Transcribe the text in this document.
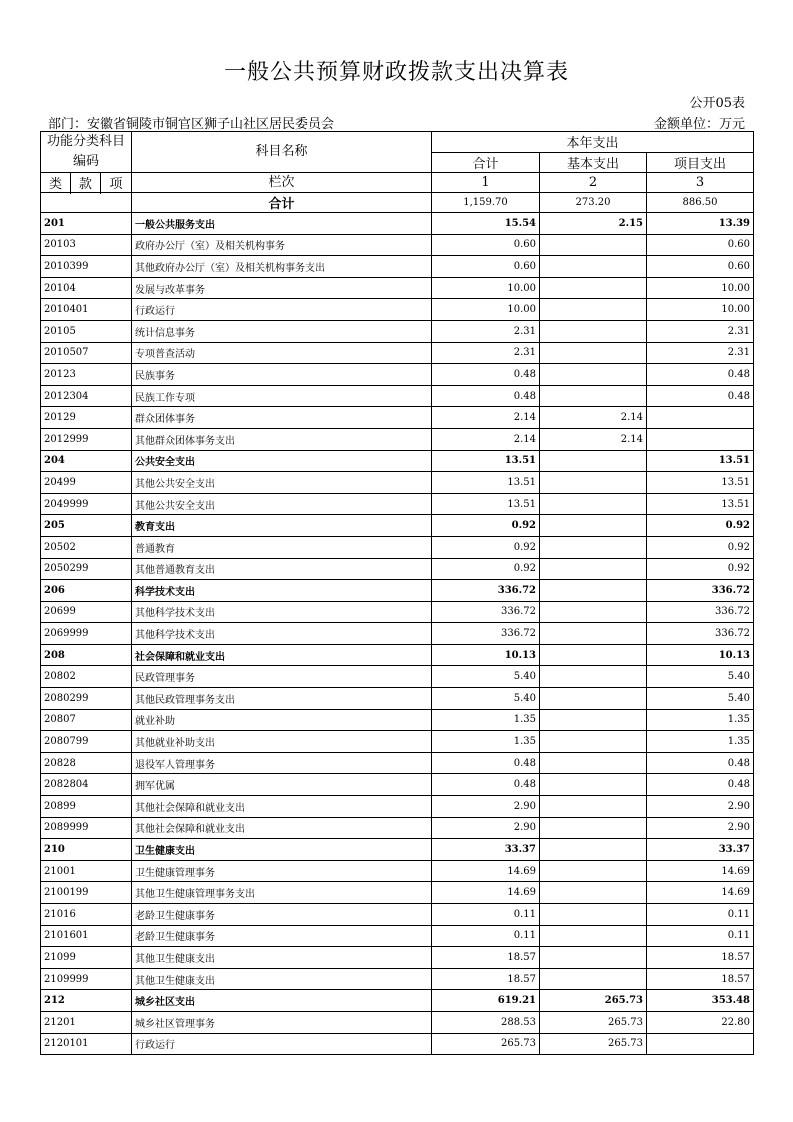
一般公共预算财政拨款支出决算表
公开05表
部门：安徽省铜陵市铜官区狮子山社区居民委员会	金额单位：万元
功能分类科目编码			科目名称
栏次	本年支出		
				合计	基本支出	项目支出
类	款	项		1	2	3

			合计	1,159.70	273.20	886.50
201			一般公共服务支出	15.54	2.15	13.39
20103			政府办公厅（室）及相关机构事务	0.60		0.60
2010399			其他政府办公厅（室）及相关机构事务支出	0.60		0.60
20104			发展与改革事务	10.00		10.00
2010401			行政运行	10.00		10.00
20105			统计信息事务	2.31		2.31
2010507			专项普查活动	2.31		2.31
20123			民族事务	0.48		0.48
2012304			民族工作专项	0.48		0.48
20129			群众团体事务	2.14	2.14	
2012999			其他群众团体事务支出	2.14	2.14	
204			公共安全支出	13.51		13.51
20499			其他公共安全支出	13.51		13.51
2049999			其他公共安全支出	13.51		13.51
205			教育支出	0.92		0.92
20502			普通教育	0.92		0.92
2050299			其他普通教育支出	0.92		0.92
206			科学技术支出	336.72		336.72
20699			其他科学技术支出	336.72		336.72
2069999			其他科学技术支出	336.72		336.72
208			社会保障和就业支出	10.13		10.13
20802			民政管理事务	5.40		5.40
2080299			其他民政管理事务支出	5.40		5.40
20807			就业补助	1.35		1.35
2080799			其他就业补助支出	1.35		1.35
20828			退役军人管理事务	0.48		0.48
2082804			拥军优属	0.48		0.48
20899			其他社会保障和就业支出	2.90		2.90
2089999			其他社会保障和就业支出	2.90		2.90
210			卫生健康支出	33.37		33.37
21001			卫生健康管理事务	14.69		14.69
2100199			其他卫生健康管理事务支出	14.69		14.69
21016			老龄卫生健康事务	0.11		0.11
2101601			老龄卫生健康事务	0.11		0.11
21099			其他卫生健康支出	18.57		18.57
2109999			其他卫生健康支出	18.57		18.57
212			城乡社区支出	619.21	265.73	353.48
21201			城乡社区管理事务	288.53	265.73	22.80
2120101			行政运行	265.73	265.73	
